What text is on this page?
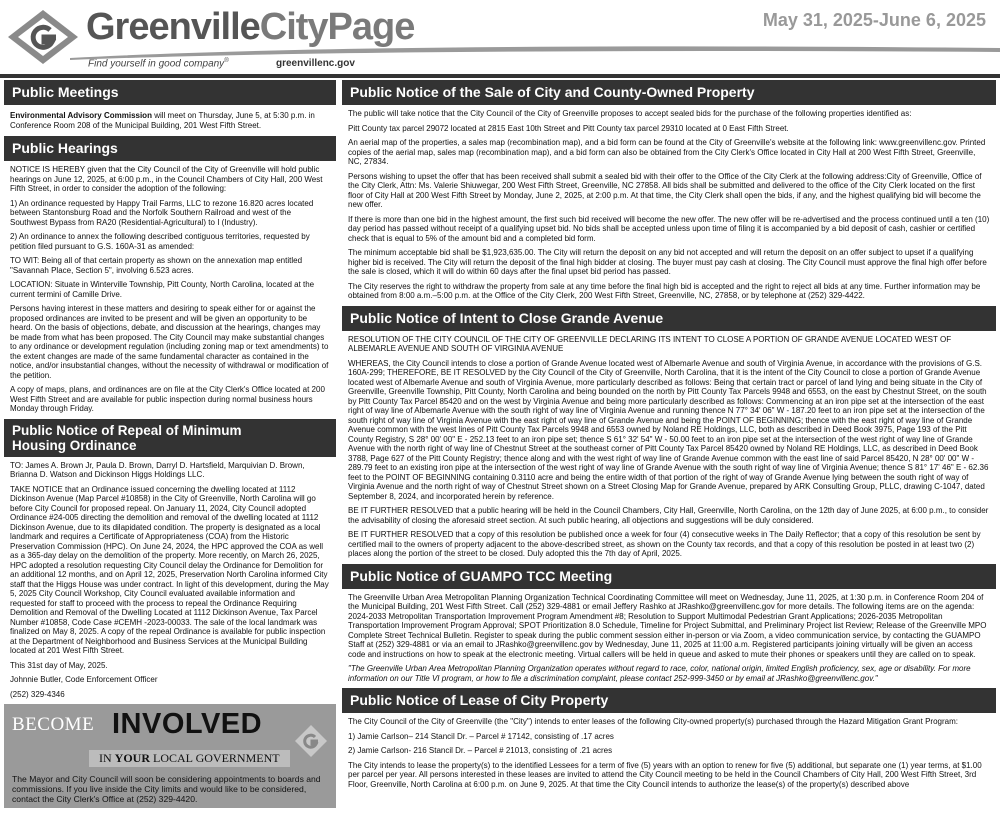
GreenvilleCityPage
Find yourself in good company®	greenvillenc.gov
May 31, 2025-June 6, 2025
Public Meetings

Environmental Advisory Commission will meet on Thursday, June 5, at 5:30 p.m. in Conference Room 208 of the Municipal Building, 201 West Fifth Street.

Public Hearings

NOTICE IS HEREBY given that the City Council of the City of Greenville will hold public hearings on June 12, 2025, at 6:00 p.m., in the Council Chambers of City Hall, 200 West Fifth Street, in order to consider the adoption of the following:

1) An ordinance requested by Happy Trail Farms, LLC to rezone 16.820 acres located between Stantonsburg Road and the Norfolk Southern Railroad and west of the Southwest Bypass from RA20 (Residential-Agricultural) to I (Industry).

2) An ordinance to annex the following described contiguous territories, requested by petition filed pursuant to G.S. 160A-31 as amended:

TO WIT: Being all of that certain property as shown on the annexation map entitled "Savannah Place, Section 5", involving 6.523 acres.

LOCATION: Situate in Winterville Township, Pitt County, North Carolina, located at the current termini of Camille Drive.

Persons having interest in these matters and desiring to speak either for or against the proposed ordinances are invited to be present and will be given an opportunity to be heard. On the basis of objections, debate, and discussion at the hearings, changes may be made from what has been proposed. The City Council may make substantial changes to any ordinance or development regulation (including zoning map or text amendments) to the extent changes are made of the same fundamental character as contained in the notice, and/or insubstantial changes, without the necessity of withdrawal or modification of the petition.

A copy of maps, plans, and ordinances are on file at the City Clerk's Office located at 200 West Fifth Street and are available for public inspection during normal business hours Monday through Friday.

Public Notice of Repeal of Minimum
Housing Ordinance

TO: James A. Brown Jr, Paula D. Brown, Darryl D. Hartsfield, Marquivian D. Brown, Brianna D. Watson and Dickinson Higgs Holdings LLC.

TAKE NOTICE that an Ordinance issued concerning the dwelling located at 1112 Dickinson Avenue (Map Parcel #10858) in the City of Greenville, North Carolina will go before City Council for proposed repeal. On January 11, 2024, City Council adopted Ordinance #24-005 directing the demolition and removal of the dwelling located at 1112 Dickinson Avenue, due to its dilapidated condition. The property is designated as a local landmark and requires a Certificate of Appropriateness (COA) from the Historic Preservation Commission (HPC). On June 24, 2024, the HPC approved the COA as well as a 365-day delay on the demolition of the property. More recently, on March 26, 2025, HPC adopted a resolution requesting City Council delay the Ordinance for Demolition for an additional 12 months, and on April 12, 2025, Preservation North Carolina informed City staff that the Higgs House was under contract. In light of this development, during the May 5, 2025 City Council Workshop, City Council evaluated available information and requested for staff to proceed with the process to repeal the Ordinance Requiring Demolition and Removal of the Dwelling Located at 1112 Dickinson Avenue, Tax Parcel Number #10858, Code Case #CEMH -2023-00033. The sale of the local landmark was finalized on May 8, 2025. A copy of the repeal Ordinance is available for public inspection at the Department of Neighborhood and Business Services at the Municipal Building located at 201 West Fifth Street.

This 31st day of May, 2025.

Johnnie Butler, Code Enforcement Officer

(252) 329-4346

BECOME INVOLVED
IN YOUR LOCAL GOVERNMENT
The Mayor and City Council will soon be considering appointments to boards and commissions. If you live inside the City limits and would like to be considered, contact the City Clerk's Office at (252) 329-4420.
Public Notice of the Sale of City and County-Owned Property

The public will take notice that the City Council of the City of Greenville proposes to accept sealed bids for the purchase of the following properties identified as:

Pitt County tax parcel 29072 located at 2815 East 10th Street and Pitt County tax parcel 29310 located at 0 East Fifth Street.

An aerial map of the properties, a sales map (recombination map), and a bid form can be found at the City of Greenville's website at the following link: www.greenvillenc.gov. Printed copies of the aerial map, sales map (recombination map), and a bid form can also be obtained from the City Clerk's Office located in City Hall at 200 West Fifth Street, Greenville, NC, 27834.

Persons wishing to upset the offer that has been received shall submit a sealed bid with their offer to the Office of the City Clerk at the following address:City of Greenville, Office of the City Clerk, Attn: Ms. Valerie Shiuwegar, 200 West Fifth Street, Greenville, NC 27858. All bids shall be submitted and delivered to the office of the City Clerk located on the first floor of City Hall at 200 West Fifth Street by Monday, June 2, 2025, at 2:00 p.m. At that time, the City Clerk shall open the bids, if any, and the highest qualifying bid will become the new offer.

If there is more than one bid in the highest amount, the first such bid received will become the new offer. The new offer will be re-advertised and the process continued until a ten (10) day period has passed without receipt of a qualifying upset bid. No bids shall be accepted unless upon time of filing it is accompanied by a bid deposit of cash, cashier or certified check that is equal to 5% of the amount bid and a completed bid form.

The minimum acceptable bid shall be $1,923,635.00. The City will return the deposit on any bid not accepted and will return the deposit on an offer subject to upset if a qualifying higher bid is received. The City will return the deposit of the final high bidder at closing. The buyer must pay cash at closing. The City Council must approve the final high offer before the sale is closed, which it will do within 60 days after the final upset bid period has passed.

The City reserves the right to withdraw the property from sale at any time before the final high bid is accepted and the right to reject all bids at any time. Further information may be obtained from 8:00 a.m.–5:00 p.m. at the Office of the City Clerk, 200 West Fifth Street, Greenville, NC, 27858, or by telephone at (252) 329-4422.

Public Notice of Intent to Close Grande Avenue

RESOLUTION OF THE CITY COUNCIL OF THE CITY OF GREENVILLE DECLARING ITS INTENT TO CLOSE A PORTION OF GRANDE AVENUE LOCATED WEST OF ALBEMARLE AVENUE AND SOUTH OF VIRGINIA AVENUE

WHEREAS, the City Council intends to close a portion of Grande Avenue located west of Albemarle Avenue and south of Virginia Avenue, in accordance with the provisions of G.S. 160A-299; THEREFORE, BE IT RESOLVED by the City Council of the City of Greenville, North Carolina, that it is the intent of the City Council to close a portion of Grande Avenue located west of Albemarle Avenue and south of Virginia Avenue, more particularly described as follows: Being that certain tract or parcel of land lying and being situate in the City of Greenville, Greenville Township, Pitt County, North Carolina and being bounded on the north by Pitt County Tax Parcels 9948 and 6553, on the east by Chestnut Street, on the south by Pitt County Tax Parcel 85420 and on the west by Virginia Avenue and being more particularly described as follows: Commencing at an iron pipe set at the intersection of the east right of way line of Albemarle Avenue with the south right of way line of Virginia Avenue and running thence N 77° 34' 06" W - 187.20 feet to an iron pipe set at the intersection of the south right of way line of Virginia Avenue with the east right of way line of Grande Avenue and being the POINT OF BEGINNING; thence with the east right of way line of Grande Avenue common with the west lines of Pitt County Tax Parcels 9948 and 6553 owned by Noland RE Holdings, LLC, both as described in Deed Book 3975, Page 193 of the Pitt County Registry, S 28° 00' 00" E - 252.13 feet to an iron pipe set; thence S 61° 32' 54" W - 50.00 feet to an iron pipe set at the intersection of the west right of way line of Grande Avenue with the north right of way line of Chestnut Street at the southeast corner of Pitt County Tax Parcel 85420 owned by Noland RE Holdings, LLC, as described in Deed Book 3788, Page 627 of the Pitt County Registry; thence along and with the west right of way line of Grande Avenue common with the east line of said Parcel 85420, N 28° 00' 00" W - 289.79 feet to an existing iron pipe at the intersection of the west right of way line of Grande Avenue with the south right of way line of Virginia Avenue; thence S 81° 17' 46" E - 62.36 feet to the POINT OF BEGINNING containing 0.3110 acre and being the entire width of that portion of the right of way of Grande Avenue lying between the south right of way of Virginia Avenue and the north right of way of Chestnut Street shown on a Street Closing Map for Grande Avenue, prepared by ARK Consulting Group, PLLC, drawing C-1047, dated September 8, 2024, and incorporated herein by reference.

BE IT FURTHER RESOLVED that a public hearing will be held in the Council Chambers, City Hall, Greenville, North Carolina, on the 12th day of June 2025, at 6:00 p.m., to consider the advisability of closing the aforesaid street section. At such public hearing, all objections and suggestions will be duly considered.

BE IT FURTHER RESOLVED that a copy of this resolution be published once a week for four (4) consecutive weeks in The Daily Reflector; that a copy of this resolution be sent by certified mail to the owners of property adjacent to the above-described street, as shown on the County tax records, and that a copy of this resolution be posted in at least two (2) places along the portion of the street to be closed. Duly adopted this the 7th day of April, 2025.

Public Notice of GUAMPO TCC Meeting

The Greenville Urban Area Metropolitan Planning Organization Technical Coordinating Committee will meet on Wednesday, June 11, 2025, at 1:30 p.m. in Conference Room 204 of the Municipal Building, 201 West Fifth Street. Call (252) 329-4881 or email Jeffery Rashko at JRashko@greenvillenc.gov for more details. The following items are on the agenda: 2024-2033 Metropolitan Transportation Improvement Program Amendment #8; Resolution to Support Multimodal Pedestrian Grant Applications; 2026-2035 Metropolitan Transportation Improvement Program Approval; SPOT Prioritization 8.0 Schedule, Timeline for Project Submittal, and Preliminary Project list Review; Release of the Greenville MPO Complete Street Technical Bulletin. Register to speak during the public comment session either in-person or via Zoom, a video communication service, by contacting the GUAMPO Staff at (252) 329-4881 or via an email to JRashko@greenvillenc.gov by Wednesday, June 11, 2025 at 11:00 a.m. Registered participants joining virtually will be given an access code and instructions on how to speak at the electronic meeting. Virtual callers will be held in queue and asked to mute their phones or speakers until they are called on to speak.

"The Greenville Urban Area Metropolitan Planning Organization operates without regard to race, color, national origin, limited English proficiency, sex, age or disability. For more information on our Title VI program, or how to file a discrimination complaint, please contact 252-999-3450 or by email at JRashko@greenvillenc.gov."

Public Notice of Lease of City Property

The City Council of the City of Greenville (the "City") intends to enter leases of the following City-owned property(s) purchased through the Hazard Mitigation Grant Program:

1) Jamie Carlson– 214 Stancil Dr. – Parcel # 17142, consisting of .17 acres

2) Jamie Carlson- 216 Stancil Dr. – Parcel # 21013, consisting of .21 acres

The City intends to lease the property(s) to the identified Lessees for a term of five (5) years with an option to renew for five (5) additional, but separate one (1) year terms, at $1.00 per parcel per year. All persons interested in these leases are invited to attend the City Council meeting to be held in the Council Chambers of City Hall, 200 West Fifth Street, 3rd Floor, Greenville, North Carolina at 6:00 p.m. on June 9, 2025. At that time the City Council intends to authorize the lease(s) of the property(s) described above
